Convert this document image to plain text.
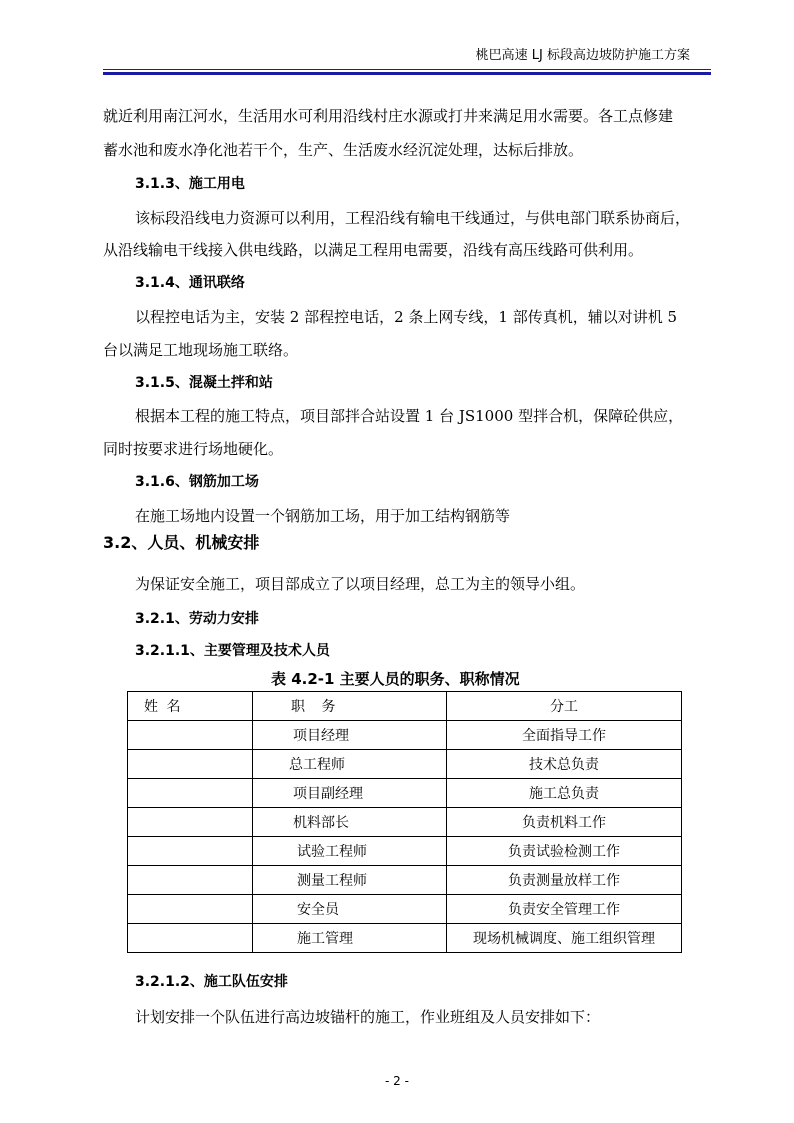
桃巴高速 LJ 标段高边坡防护施工方案
就近利用南江河水，生活用水可利用沿线村庄水源或打井来满足用水需要。各工点修建
蓄水池和废水净化池若干个，生产、生活废水经沉淀处理，达标后排放。
3.1.3、施工用电
该标段沿线电力资源可以利用，工程沿线有输电干线通过，与供电部门联系协商后，
从沿线输电干线接入供电线路，以满足工程用电需要，沿线有高压线路可供利用。
3.1.4、通讯联络
以程控电话为主，安装 2 部程控电话，2 条上网专线，1 部传真机，辅以对讲机 5
台以满足工地现场施工联络。
3.1.5、混凝土拌和站
根据本工程的施工特点，项目部拌合站设置 1 台 JS1000 型拌合机，保障砼供应，
同时按要求进行场地硬化。
3.1.6、钢筋加工场
在施工场地内设置一个钢筋加工场，用于加工结构钢筋等
3.2、人员、机械安排
为保证安全施工，项目部成立了以项目经理，总工为主的领导小组。
3.2.1、劳动力安排
3.2.1.1、主要管理及技术人员
表 4.2-1 主要人员的职务、职称情况
姓 名	职 务	分工
	项目经理	全面指导工作
	总工程师	技术总负责
	项目副经理	施工总负责
	机料部长	负责机料工作
	试验工程师	负责试验检测工作
	测量工程师	负责测量放样工作
	安全员	负责安全管理工作
	施工管理	现场机械调度、施工组织管理
3.2.1.2、施工队伍安排
计划安排一个队伍进行高边坡锚杆的施工，作业班组及人员安排如下：
- 2 -
